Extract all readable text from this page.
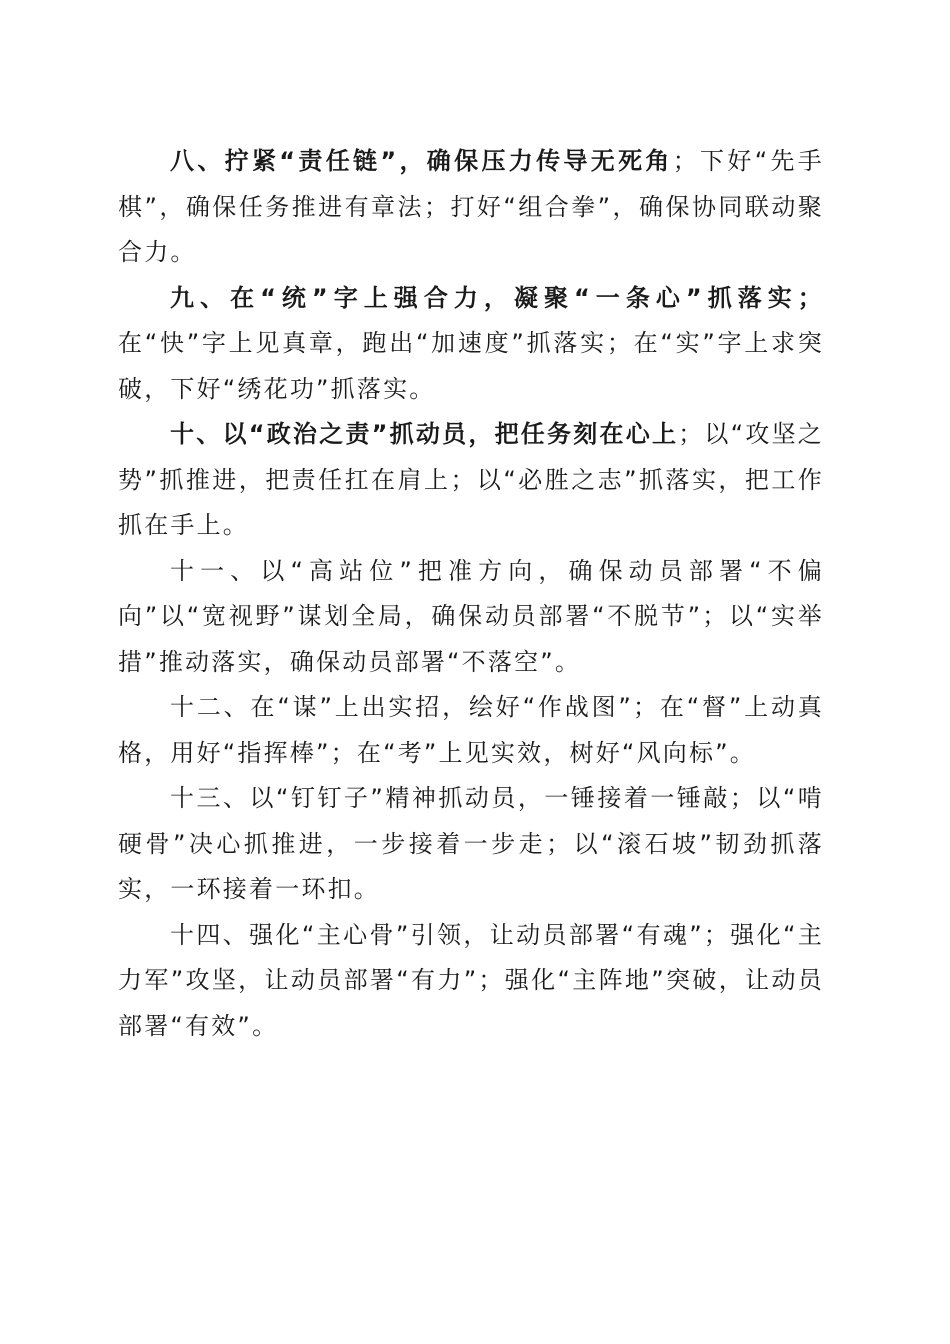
八、拧紧“责任链”，确保压力传导无死角；下好“先手棋”，确保任务推进有章法；打好“组合拳”，确保协同联动聚合力。

九、在“统”字上强合力，凝聚“一条心”抓落实；在“快”字上见真章，跑出“加速度”抓落实；在“实”字上求突破，下好“绣花功”抓落实。

十、以“政治之责”抓动员，把任务刻在心上；以“攻坚之势”抓推进，把责任扛在肩上；以“必胜之志”抓落实，把工作抓在手上。

十一、以“高站位”把准方向，确保动员部署“不偏向”以“宽视野”谋划全局，确保动员部署“不脱节”；以“实举措”推动落实，确保动员部署“不落空”。

十二、在“谋”上出实招，绘好“作战图”；在“督”上动真格，用好“指挥棒”；在“考”上见实效，树好“风向标”。

十三、以“钉钉子”精神抓动员，一锤接着一锤敲；以“啃硬骨”决心抓推进，一步接着一步走；以“滚石坡”韧劲抓落实，一环接着一环扣。

十四、强化“主心骨”引领，让动员部署“有魂”；强化“主力军”攻坚，让动员部署“有力”；强化“主阵地”突破，让动员部署“有效”。
